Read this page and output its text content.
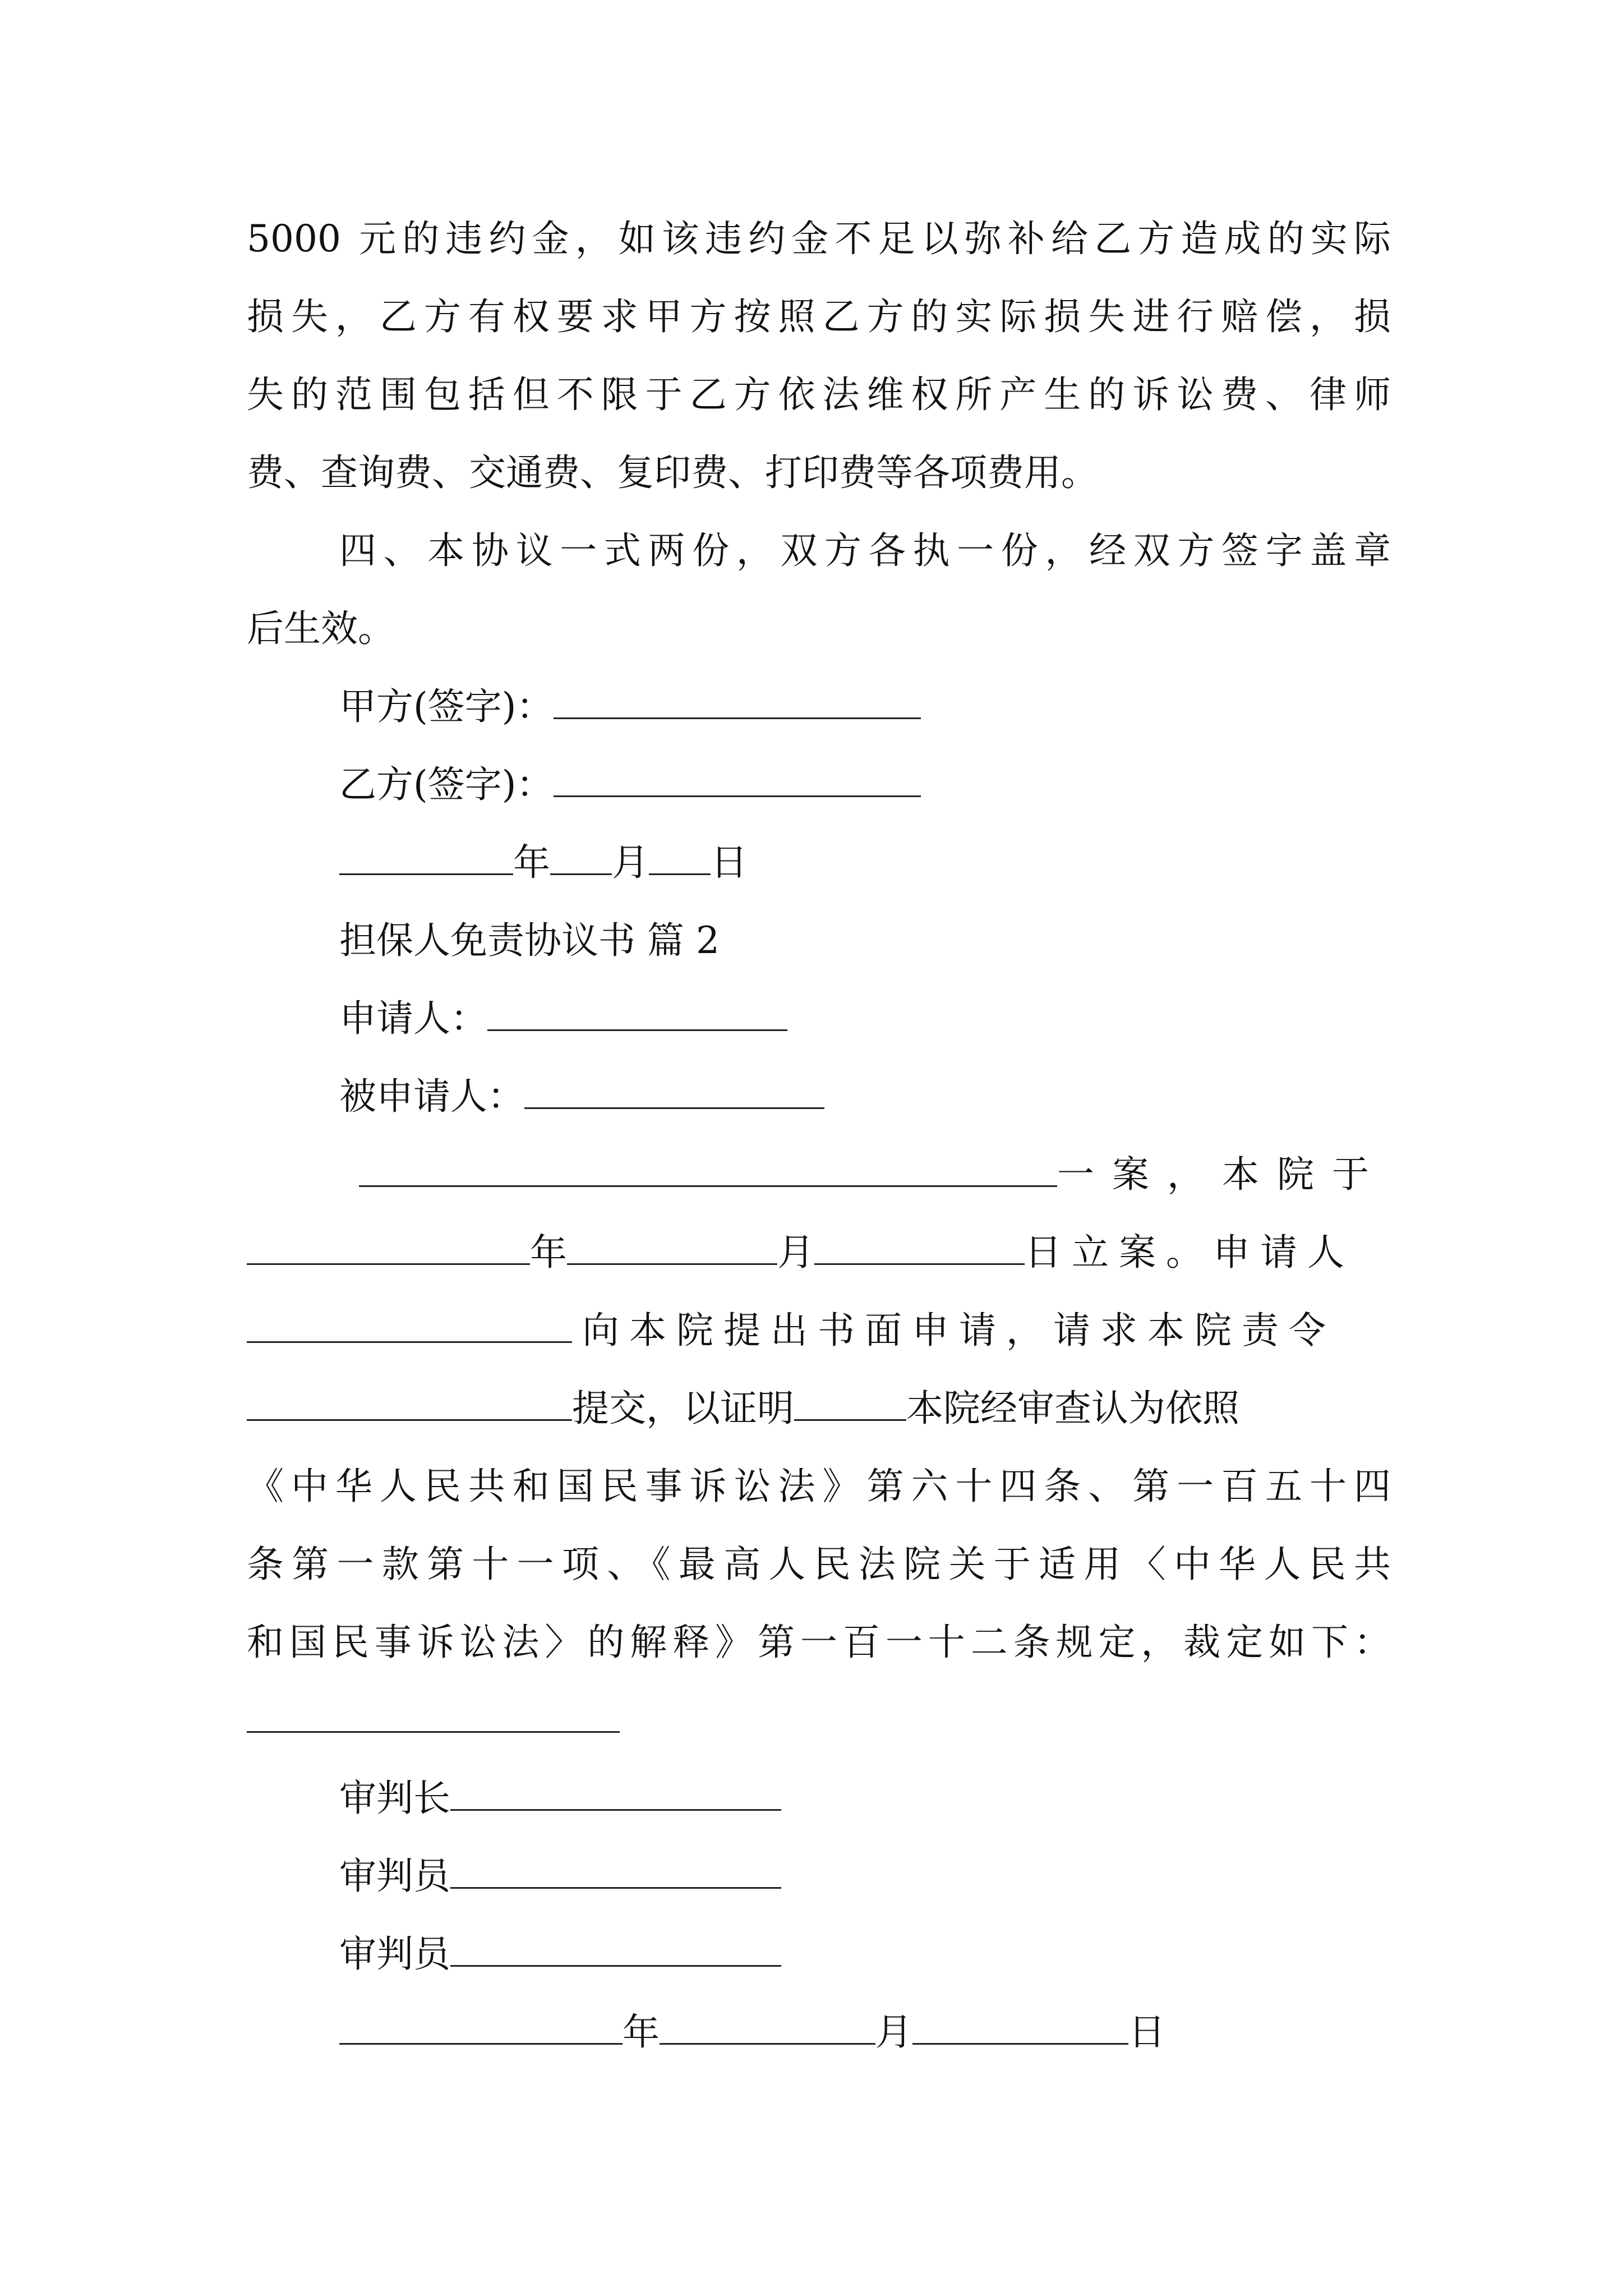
5000 元的违约金，如该违约金不足以弥补给乙方造成的实际
损失，乙方有权要求甲方按照乙方的实际损失进行赔偿，损
失的范围包括但不限于乙方依法维权所产生的诉讼费、律师
费、查询费、交通费、复印费、打印费等各项费用。
四、本协议一式两份，双方各执一份，经双方签字盖章
后生效。
甲方(签字)：
乙方(签字)：
年 月 日
担保人免责协议书 篇 2
申请人：
被申请人：
一案，本院于
年	月	日立案。申请人
向本院提出书面申请，请求本院责令
提交，以证明	本院经审查认为依照
《中华人民共和国民事诉讼法》第六十四条、第一百五十四
条第一款第十一项、《最高人民法院关于适用〈中华人民共
和国民事诉讼法〉的解释》第一百一十二条规定，裁定如下：
审判长
审判员
审判员
年	月	日
